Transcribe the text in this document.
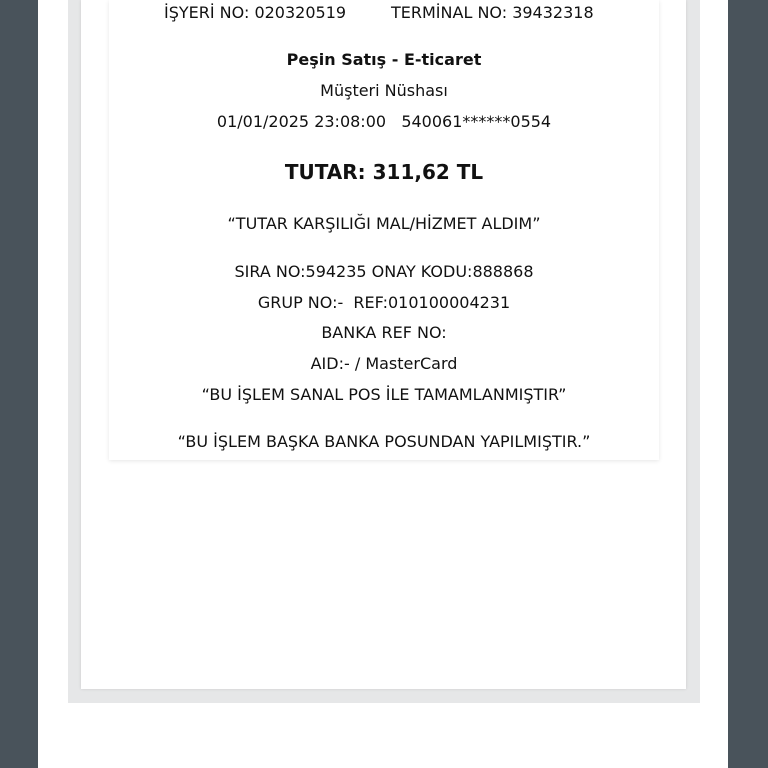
İŞYERİ NO: 020320519	TERMİNAL NO: 39432318
Peşin Satış - E-ticaret
Müşteri Nüshası
01/01/2025 23:08:00   540061******0554
TUTAR: 311,62 TL
“TUTAR KARŞILIĞI MAL/HİZMET ALDIM”
SIRA NO:594235 ONAY KODU:888868
GRUP NO:-  REF:010100004231
BANKA REF NO:
AID:- / MasterCard
“BU İŞLEM SANAL POS İLE TAMAMLANMIŞTIR”
“BU İŞLEM BAŞKA BANKA POSUNDAN YAPILMIŞTIR.”
